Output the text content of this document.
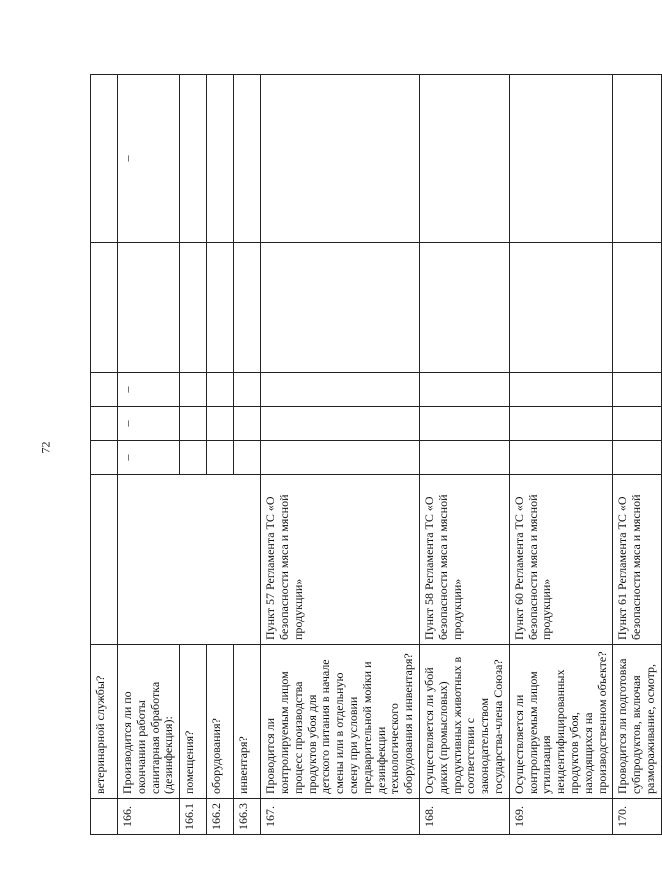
72
	ветеринарной службы?						
166.	Производится ли по окончании работы санитарная обработка (дезинфекция):		–	–	–		–
166.1	помещения?						
166.2	оборудования?						
166.3	инвентаря?						
167.	Проводится ли контролируемым лицом процесс производства продуктов убоя для детского питания в начале смены или в отдельную смену при условии предварительной мойки и дезинфекции технологического оборудования и инвентаря?	Пункт 57 Регламента ТС «О безопасности мяса и мясной продукции»					
168.	Осуществляется ли убой диких (промысловых) продуктивных животных в соответствии с законодательством государства-члена Союза?	Пункт 58 Регламента ТС «О безопасности мяса и мясной продукции»					
169.	Осуществляется ли контролируемым лицом утилизация неидентифицированных продуктов убоя, находящихся на производственном объекте?	Пункт 60 Регламента ТС «О безопасности мяса и мясной продукции»					
170.	Проводится ли подготовка субпродуктов, включая размораживание, осмотр,	Пункт 61 Регламента ТС «О безопасности мяса и мясной					
